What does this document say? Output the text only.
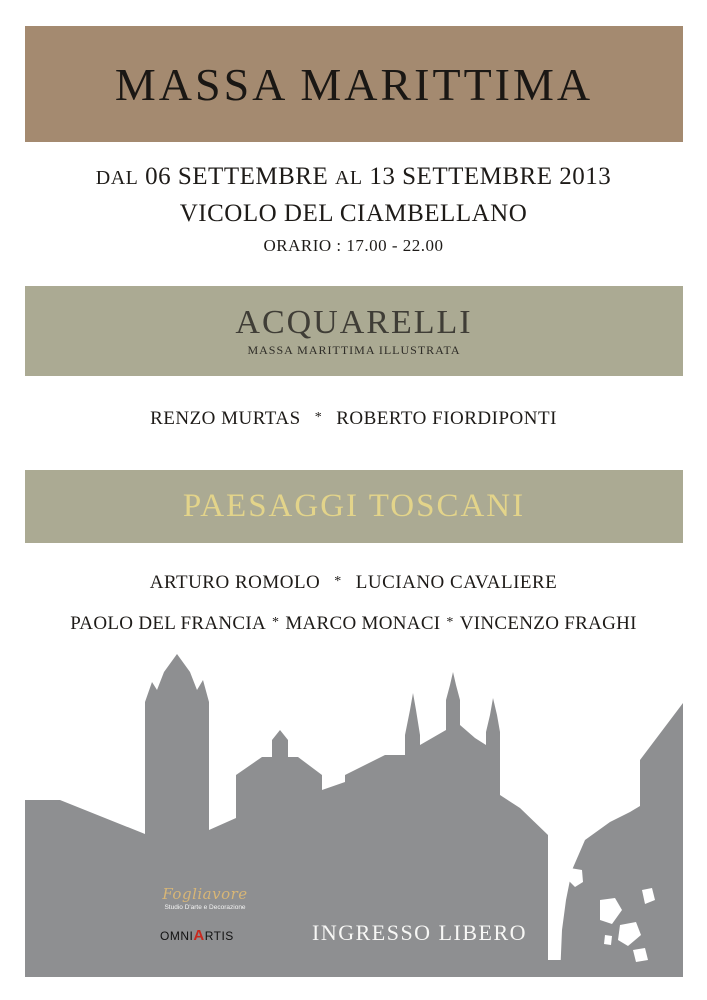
MASSA MARITTIMA
DAL 06 SETTEMBRE AL 13 SETTEMBRE 2013
VICOLO DEL CIAMBELLANO
ORARIO : 17.00 - 22.00
ACQUARELLI
MASSA MARITTIMA ILLUSTRATA
RENZO MURTAS * ROBERTO FIORDIPONTI
PAESAGGI TOSCANI
ARTURO ROMOLO * LUCIANO CAVALIERE
PAOLO DEL FRANCIA * MARCO MONACI * VINCENZO FRAGHI
Fogliavore
Studio D'arte e Decorazione
OMNIARTIS	INGRESSO LIBERO
